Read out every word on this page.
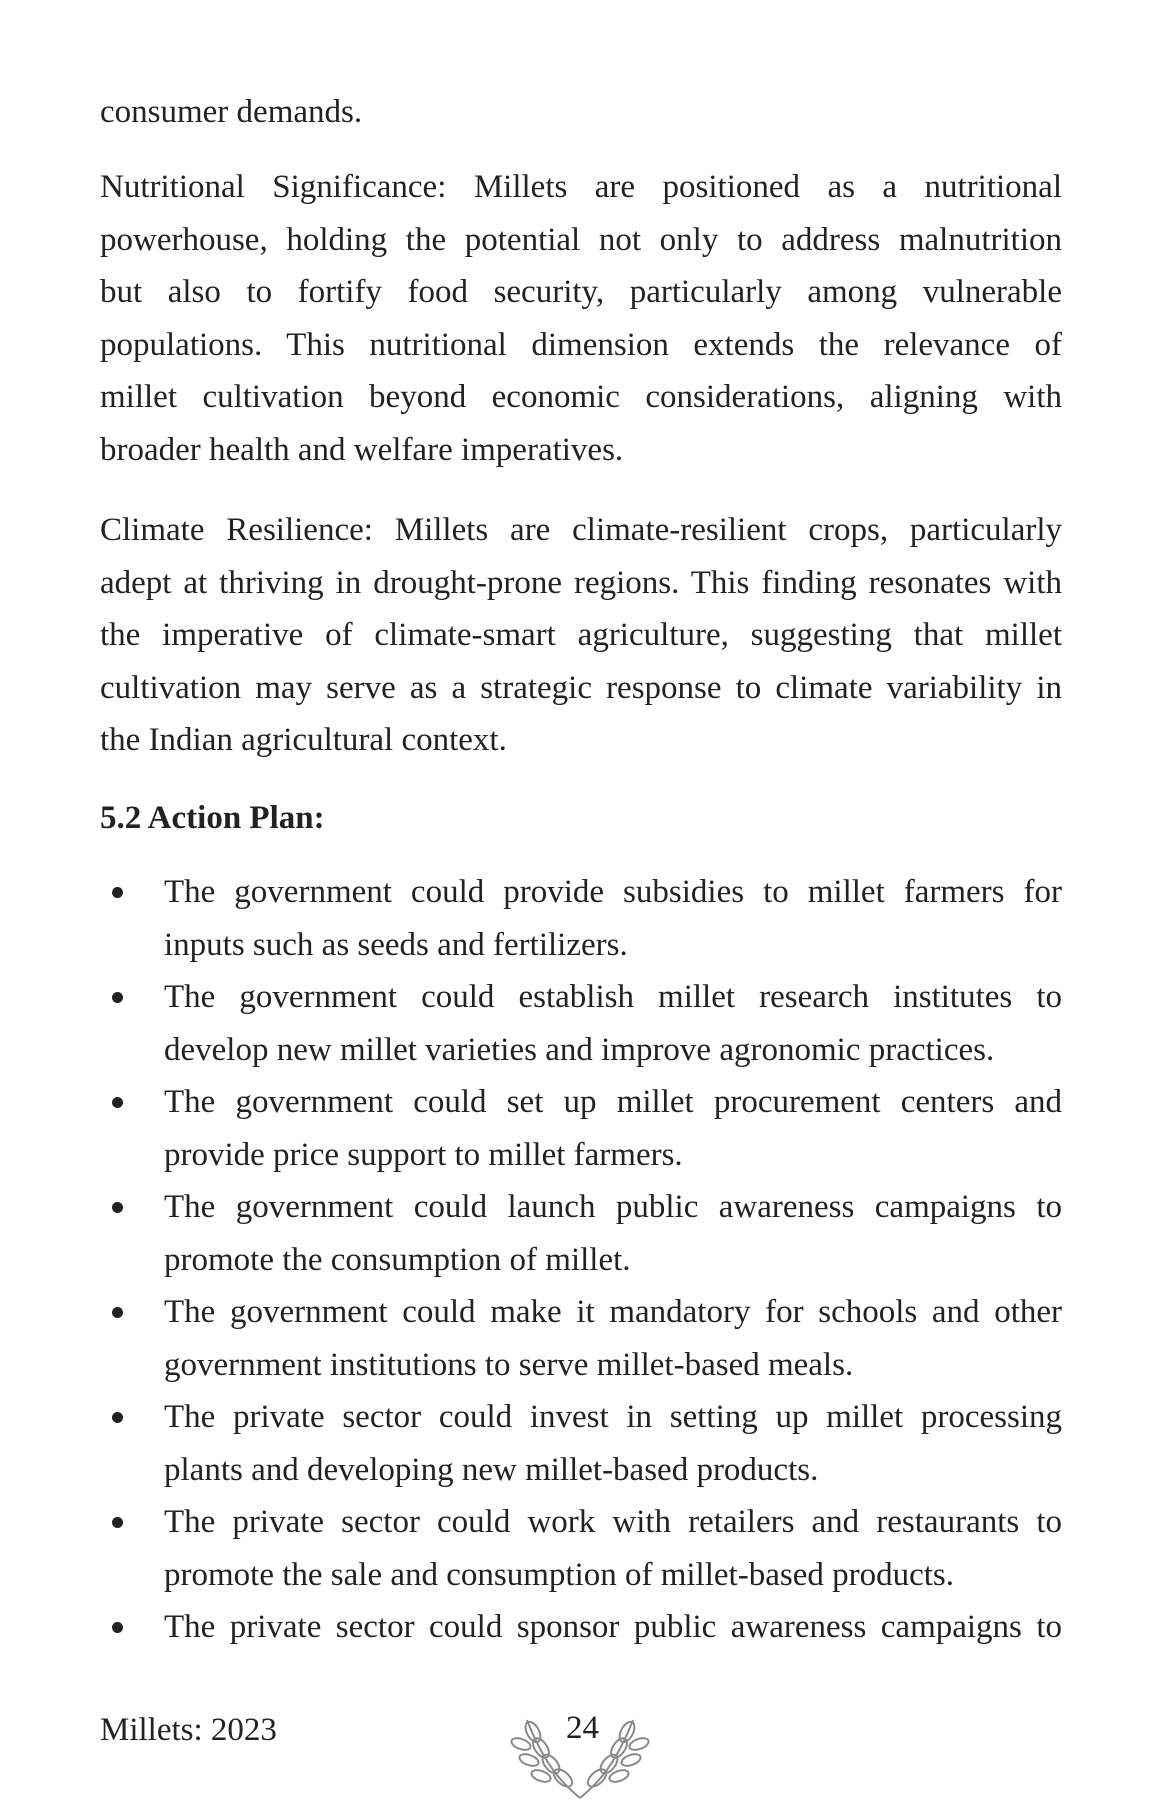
consumer demands.
Nutritional Significance: Millets are positioned as a nutritional
powerhouse, holding the potential not only to address malnutrition
but also to fortify food security, particularly among vulnerable
populations. This nutritional dimension extends the relevance of
millet cultivation beyond economic considerations, aligning with
broader health and welfare imperatives.
Climate Resilience: Millets are climate-resilient crops, particularly
adept at thriving in drought-prone regions. This finding resonates with
the imperative of climate-smart agriculture, suggesting that millet
cultivation may serve as a strategic response to climate variability in
the Indian agricultural context.
5.2 Action Plan:
The government could provide subsidies to millet farmers for
inputs such as seeds and fertilizers.
The government could establish millet research institutes to
develop new millet varieties and improve agronomic practices.
The government could set up millet procurement centers and
provide price support to millet farmers.
The government could launch public awareness campaigns to
promote the consumption of millet.
The government could make it mandatory for schools and other
government institutions to serve millet-based meals.
The private sector could invest in setting up millet processing
plants and developing new millet-based products.
The private sector could work with retailers and restaurants to
promote the sale and consumption of millet-based products.
The private sector could sponsor public awareness campaigns to
Millets: 2023	24
